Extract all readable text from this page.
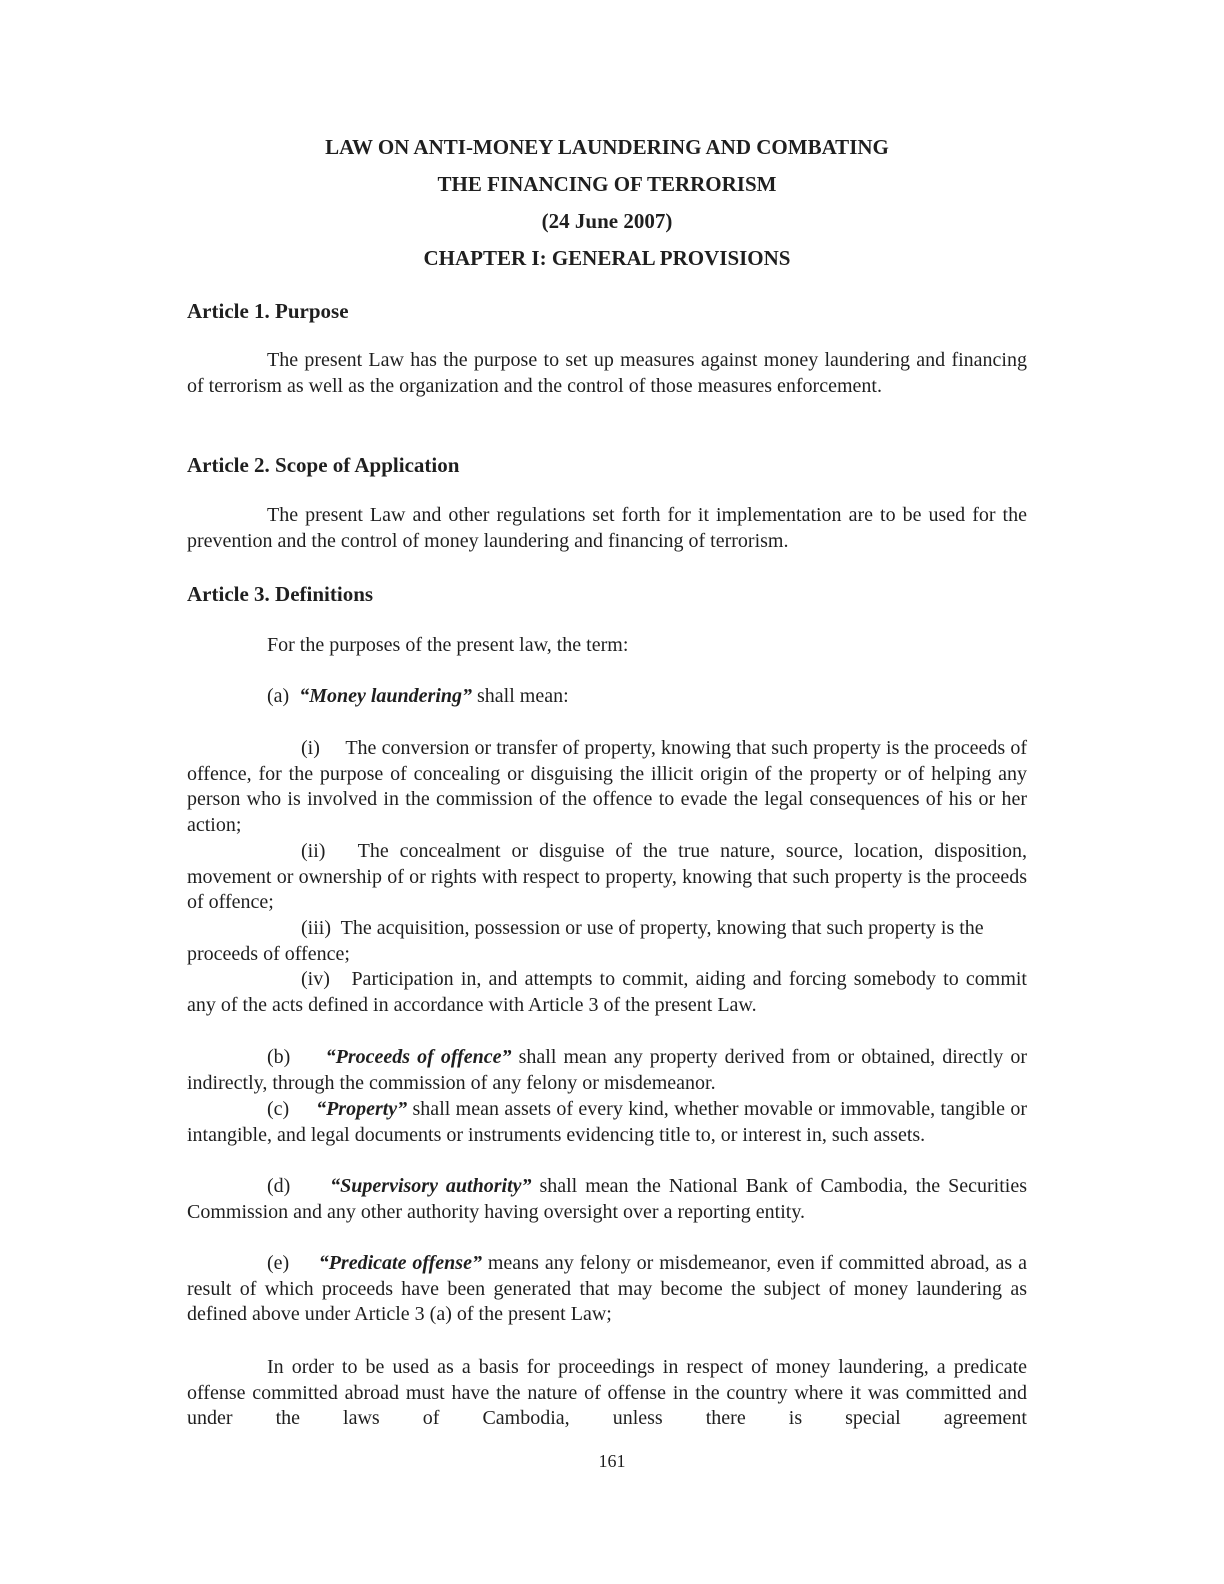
LAW ON ANTI-MONEY LAUNDERING AND COMBATING
THE FINANCING OF TERRORISM
(24 June 2007)
CHAPTER I: GENERAL PROVISIONS
Article 1. Purpose
The present Law has the purpose to set up measures against money laundering and financing of terrorism as well as the organization and the control of those measures enforcement.
Article 2. Scope of Application
The present Law and other regulations set forth for it implementation are to be used for the prevention and the control of money laundering and financing of terrorism.
Article 3. Definitions
For the purposes of the present law, the term:
(a) “Money laundering” shall mean:
(i) The conversion or transfer of property, knowing that such property is the proceeds of offence, for the purpose of concealing or disguising the illicit origin of the property or of helping any person who is involved in the commission of the offence to evade the legal consequences of his or her action;
(ii) The concealment or disguise of the true nature, source, location, disposition, movement or ownership of or rights with respect to property, knowing that such property is the proceeds of offence;
(iii) The acquisition, possession or use of property, knowing that such property is the proceeds of offence;
(iv) Participation in, and attempts to commit, aiding and forcing somebody to commit any of the acts defined in accordance with Article 3 of the present Law.
(b) “Proceeds of offence” shall mean any property derived from or obtained, directly or indirectly, through the commission of any felony or misdemeanor.
(c) “Property” shall mean assets of every kind, whether movable or immovable, tangible or intangible, and legal documents or instruments evidencing title to, or interest in, such assets.
(d) “Supervisory authority” shall mean the National Bank of Cambodia, the Securities Commission and any other authority having oversight over a reporting entity.
(e) “Predicate offense” means any felony or misdemeanor, even if committed abroad, as a result of which proceeds have been generated that may become the subject of money laundering as defined above under Article 3 (a) of the present Law;
In order to be used as a basis for proceedings in respect of money laundering, a predicate offense committed abroad must have the nature of offense in the country where it was committed and under the laws of Cambodia, unless there is special agreement
161
